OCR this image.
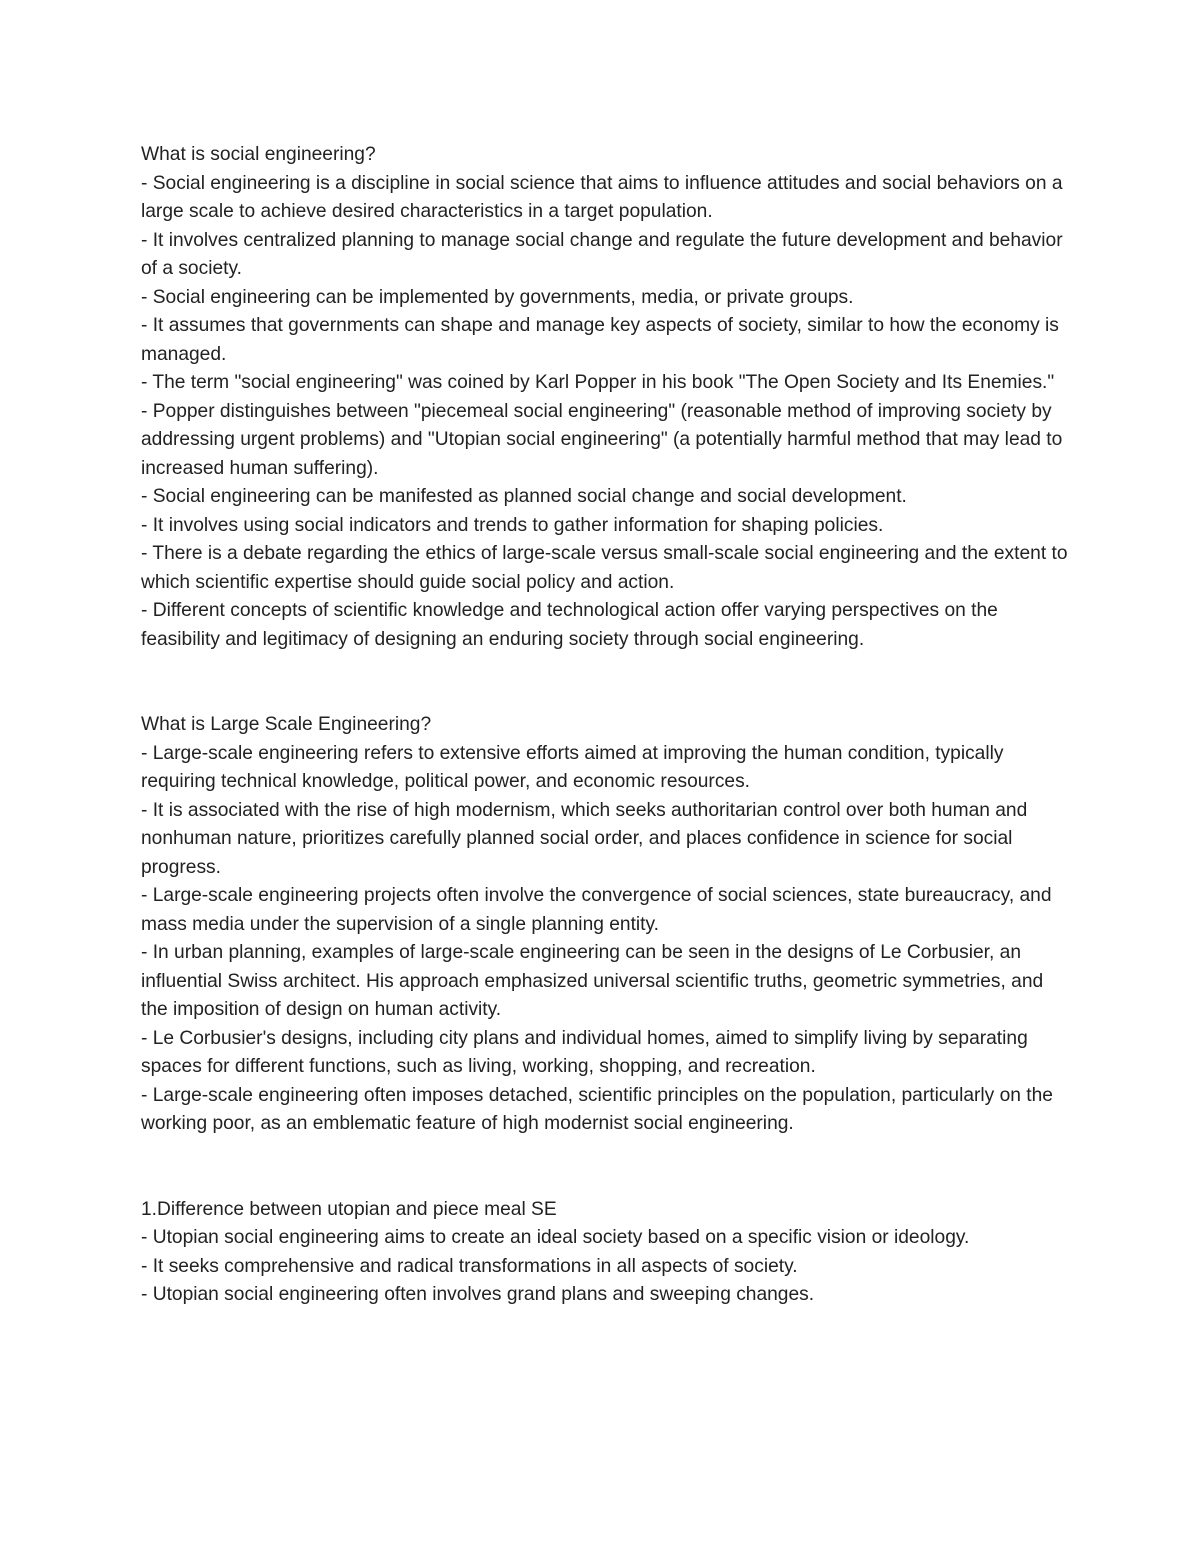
What is social engineering?

- Social engineering is a discipline in social science that aims to influence attitudes and social behaviors on a large scale to achieve desired characteristics in a target population.

- It involves centralized planning to manage social change and regulate the future development and behavior of a society.

- Social engineering can be implemented by governments, media, or private groups.

- It assumes that governments can shape and manage key aspects of society, similar to how the economy is managed.

- The term "social engineering" was coined by Karl Popper in his book "The Open Society and Its Enemies."

- Popper distinguishes between "piecemeal social engineering" (reasonable method of improving society by addressing urgent problems) and "Utopian social engineering" (a potentially harmful method that may lead to increased human suffering).

- Social engineering can be manifested as planned social change and social development.

- It involves using social indicators and trends to gather information for shaping policies.

- There is a debate regarding the ethics of large-scale versus small-scale social engineering and the extent to which scientific expertise should guide social policy and action.

- Different concepts of scientific knowledge and technological action offer varying perspectives on the feasibility and legitimacy of designing an enduring society through social engineering.

What is Large Scale Engineering?

- Large-scale engineering refers to extensive efforts aimed at improving the human condition, typically requiring technical knowledge, political power, and economic resources.

- It is associated with the rise of high modernism, which seeks authoritarian control over both human and nonhuman nature, prioritizes carefully planned social order, and places confidence in science for social progress.

- Large-scale engineering projects often involve the convergence of social sciences, state bureaucracy, and mass media under the supervision of a single planning entity.

- In urban planning, examples of large-scale engineering can be seen in the designs of Le Corbusier, an influential Swiss architect. His approach emphasized universal scientific truths, geometric symmetries, and the imposition of design on human activity.

- Le Corbusier's designs, including city plans and individual homes, aimed to simplify living by separating spaces for different functions, such as living, working, shopping, and recreation.

- Large-scale engineering often imposes detached, scientific principles on the population, particularly on the working poor, as an emblematic feature of high modernist social engineering.

1.Difference between utopian and piece meal SE

- Utopian social engineering aims to create an ideal society based on a specific vision or ideology.

- It seeks comprehensive and radical transformations in all aspects of society.

- Utopian social engineering often involves grand plans and sweeping changes.
